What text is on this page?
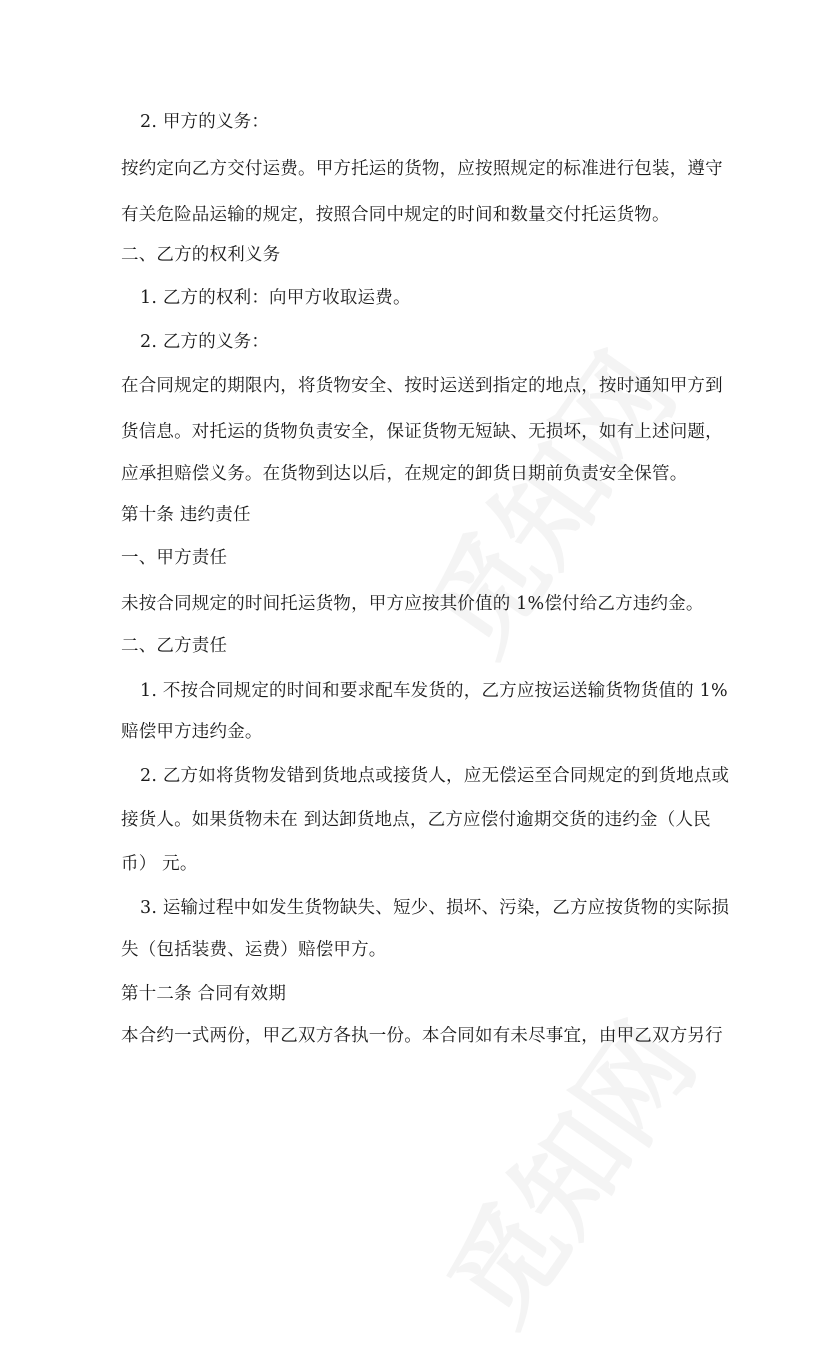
2. 甲方的义务：
按约定向乙方交付运费。甲方托运的货物，应按照规定的标准进行包装，遵守
有关危险品运输的规定，按照合同中规定的时间和数量交付托运货物。
二、乙方的权利义务
1. 乙方的权利：向甲方收取运费。
2. 乙方的义务：
在合同规定的期限内，将货物安全、按时运送到指定的地点，按时通知甲方到
货信息。对托运的货物负责安全，保证货物无短缺、无损坏，如有上述问题，
应承担赔偿义务。在货物到达以后，在规定的卸货日期前负责安全保管。
第十条 违约责任
一、甲方责任
未按合同规定的时间托运货物，甲方应按其价值的 1%偿付给乙方违约金。
二、乙方责任
1. 不按合同规定的时间和要求配车发货的，乙方应按运送输货物货值的 1%
赔偿甲方违约金。
2. 乙方如将货物发错到货地点或接货人，应无偿运至合同规定的到货地点或
接货人。如果货物未在 到达卸货地点，乙方应偿付逾期交货的违约金（人民
币） 元。
3. 运输过程中如发生货物缺失、短少、损坏、污染，乙方应按货物的实际损
失（包括装费、运费）赔偿甲方。
第十二条 合同有效期
本合约一式两份，甲乙双方各执一份。本合同如有未尽事宜，由甲乙双方另行
